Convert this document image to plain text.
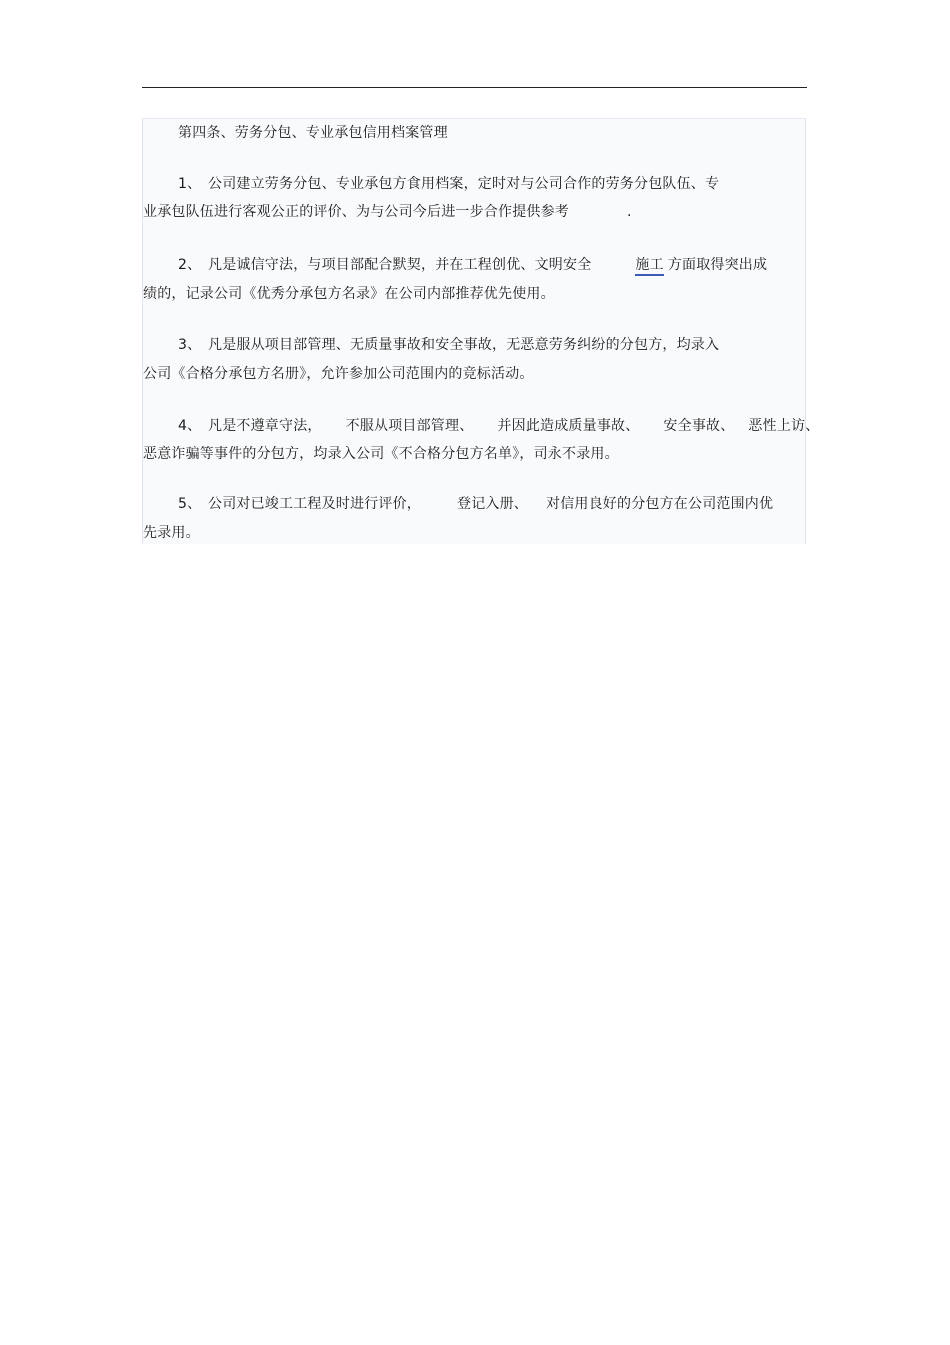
第四条、劳务分包、专业承包信用档案管理
1、 公司建立劳务分包、专业承包方食用档案，定时对与公司合作的劳务分包队伍、专
业承包队伍进行客观公正的评价、为与公司今后进一步合作提供参考	.
2、 凡是诚信守法，与项目部配合默契，并在工程创优、文明安全	施工 方面取得突出成
绩的，记录公司《优秀分承包方名录》在公司内部推荐优先使用。
3、 凡是服从项目部管理、无质量事故和安全事故，无恶意劳务纠纷的分包方，均录入
公司《合格分承包方名册》，允许参加公司范围内的竞标活动。
4、 凡是不遵章守法， 不服从项目部管理、 并因此造成质量事故、 安全事故、 恶性上访、
恶意诈骗等事件的分包方，均录入公司《不合格分包方名单》，司永不录用。
5、 公司对已竣工工程及时进行评价，	登记入册、 对信用良好的分包方在公司范围内优
先录用。
